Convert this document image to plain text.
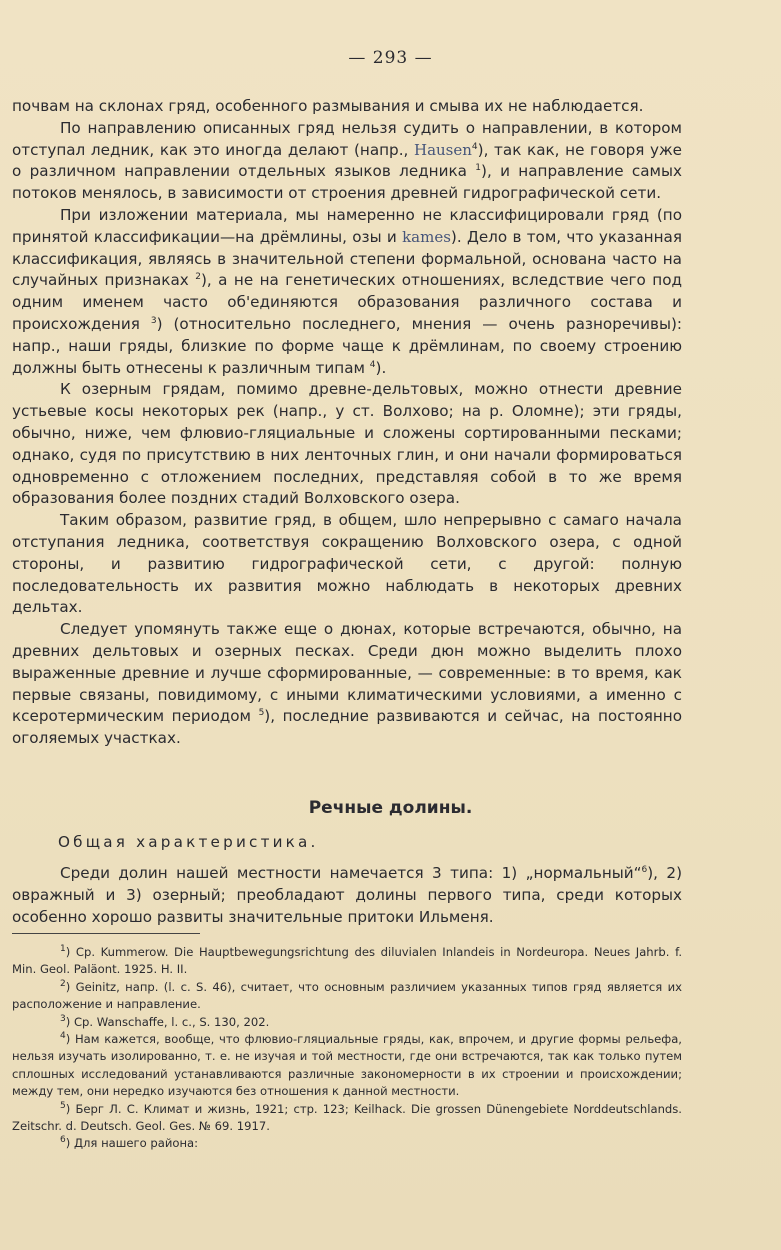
— 293 —

почвам на склонах гряд, особенного размывания и смыва их не наблюдается.

По направлению описанных гряд нельзя судить о направлении, в котором отступал ледник, как это иногда делают (напр., Hausen$^4$), так как, не говоря уже о различном направлении отдельных языков ледника $^1$), и направление самых потоков менялось, в зависимости от строения древней гидрографической сети.

При изложении материала, мы намеренно не классифицировали гряд (по принятой классификации—на дрёмлины, озы и kames). Дело в том, что указанная классификация, являясь в значительной степени формальной, основана часто на случайных признаках $^2$), а не на генетических отношениях, вследствие чего под одним именем часто об'единяются образования различного состава и происхождения $^3$) (относительно последнего, мнения — очень разноречивы): напр., наши гряды, близкие по форме чаще к дрёмлинам, по своему строению должны быть отнесены к различным типам $^4$).

К озерным грядам, помимо древне-дельтовых, можно отнести древние устьевые косы некоторых рек (напр., у ст. Волхово; на р. Оломне); эти гряды, обычно, ниже, чем флювио-гляциальные и сложены сортированными песками; однако, судя по присутствию в них ленточных глин, и они начали формироваться одновременно с отложением последних, представляя собой в то же время образования более поздних стадий Волховского озера.

Таким образом, развитие гряд, в общем, шло непрерывно с самаго начала отступания ледника, соответствуя сокращению Волховского озера, с одной стороны, и развитию гидрографической сети, с другой: полную последовательность их развития можно наблюдать в некоторых древних дельтах.

Следует упомянуть также еще о дюнах, которые встречаются, обычно, на древних дельтовых и озерных песках. Среди дюн можно выделить плохо выраженные древние и лучше сформированные, — современные: в то время, как первые связаны, повидимому, с иными климатическими условиями, а именно с ксеротермическим периодом $^5$), последние развиваются и сейчас, на постоянно оголяемых участках.

Речные долины.
Общая характеристика.

Среди долин нашей местности намечается 3 типа: 1) „нормальный“$^6$), 2) овражный и 3) озерный; преобладают долины первого типа, среди которых особенно хорошо развиты значительные притоки Ильменя.

$^1$) Ср. Kummerow. Die Hauptbewegungsrichtung des diluvialen Inlandeis in Nordeuropa. Neues Jahrb. f. Min. Geol. Paläont. 1925. H. II.

$^2$) Geinitz, напр. (l. c. S. 46), считает, что основным различием указанных типов гряд является их расположение и направление.

$^3$) Ср. Wanschaffe, l. c., S. 130, 202.

$^4$) Нам кажется, вообще, что флювио-гляциальные гряды, как, впрочем, и другие формы рельефа, нельзя изучать изолированно, т. е. не изучая и той местности, где они встречаются, так как только путем сплошных исследований устанавливаются различные закономерности в их строении и происхождении; между тем, они нередко изучаются без отношения к данной местности.

$^5$) Берг Л. С. Климат и жизнь, 1921; стр. 123; Keilhack. Die grossen Dünengebiete Norddeutschlands. Zeitschr. d. Deutsch. Geol. Ges. № 69. 1917.

$^6$) Для нашего района:
